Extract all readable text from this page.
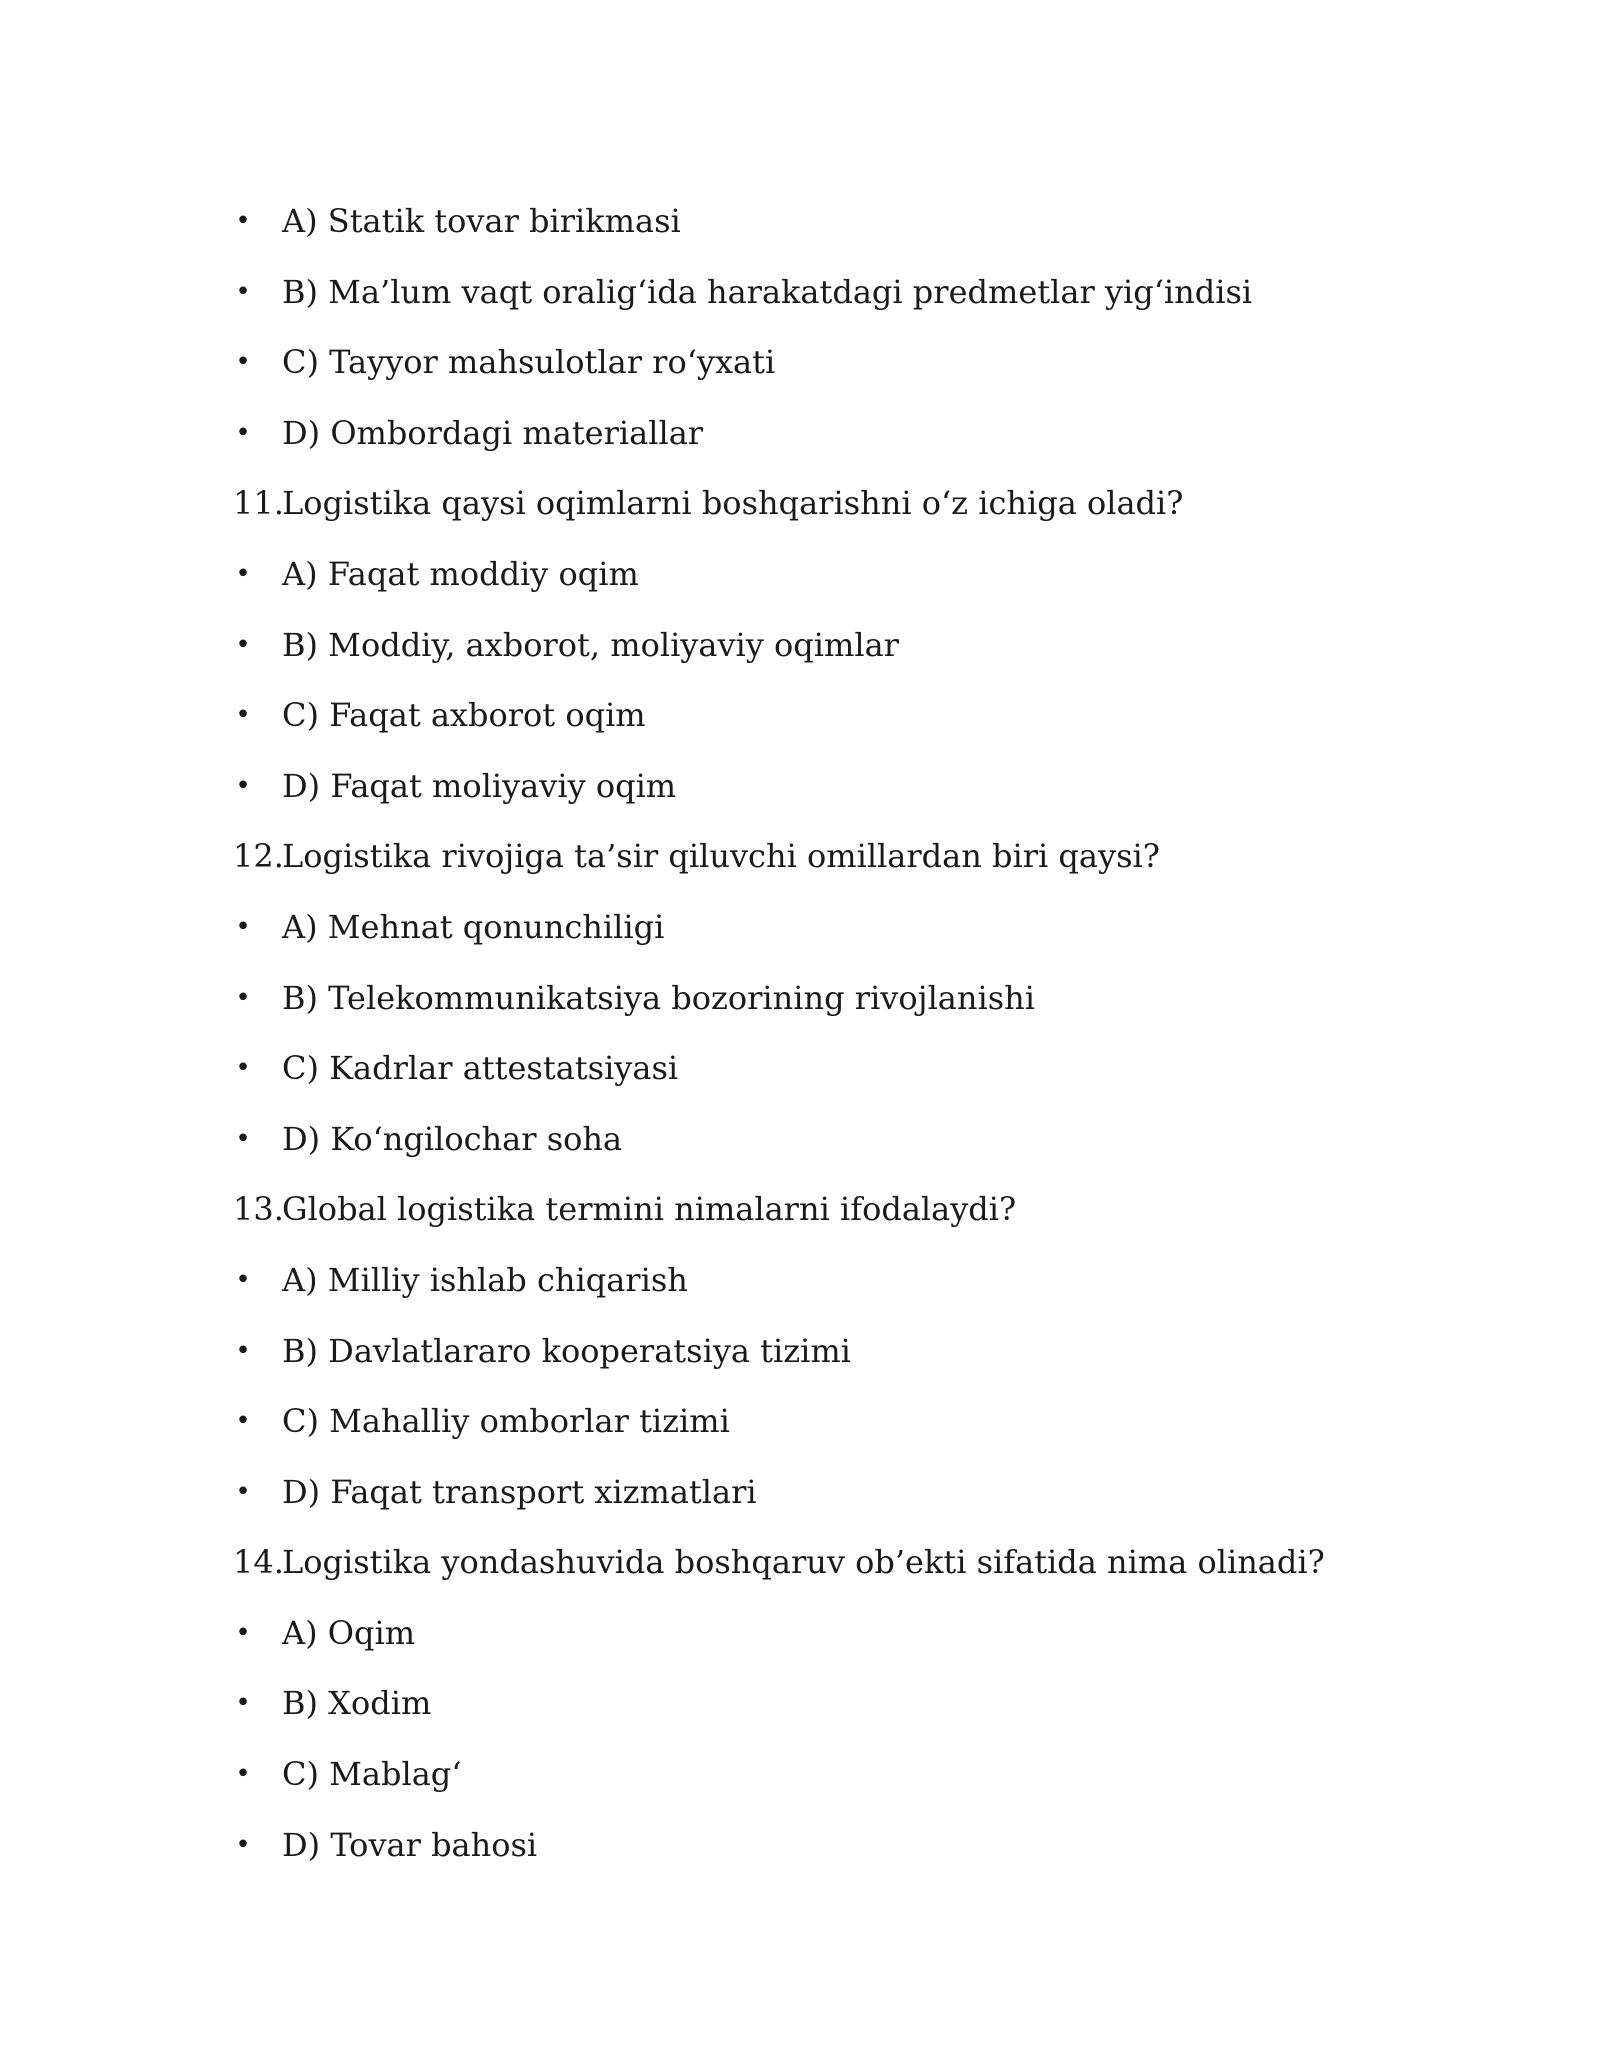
• A) Statik tovar birikmasi
• B) Ma’lum vaqt oralig‘ida harakatdagi predmetlar yig‘indisi
• C) Tayyor mahsulotlar ro‘yxati
• D) Ombordagi materiallar
11.
Logistika qaysi oqimlarni boshqarishni o‘z ichiga oladi?
• A) Faqat moddiy oqim
• B) Moddiy, axborot, moliyaviy oqimlar
• C) Faqat axborot oqim
• D) Faqat moliyaviy oqim
12.
Logistika rivojiga ta’sir qiluvchi omillardan biri qaysi?
• A) Mehnat qonunchiligi
• B) Telekommunikatsiya bozorining rivojlanishi
• C) Kadrlar attestatsiyasi
• D) Ko‘ngilochar soha
13.
Global logistika termini nimalarni ifodalaydi?
• A) Milliy ishlab chiqarish
• B) Davlatlararo kooperatsiya tizimi
• C) Mahalliy omborlar tizimi
• D) Faqat transport xizmatlari
14.
Logistika yondashuvida boshqaruv ob’ekti sifatida nima olinadi?
• A) Oqim
• B) Xodim
• C) Mablag‘
• D) Tovar bahosi
